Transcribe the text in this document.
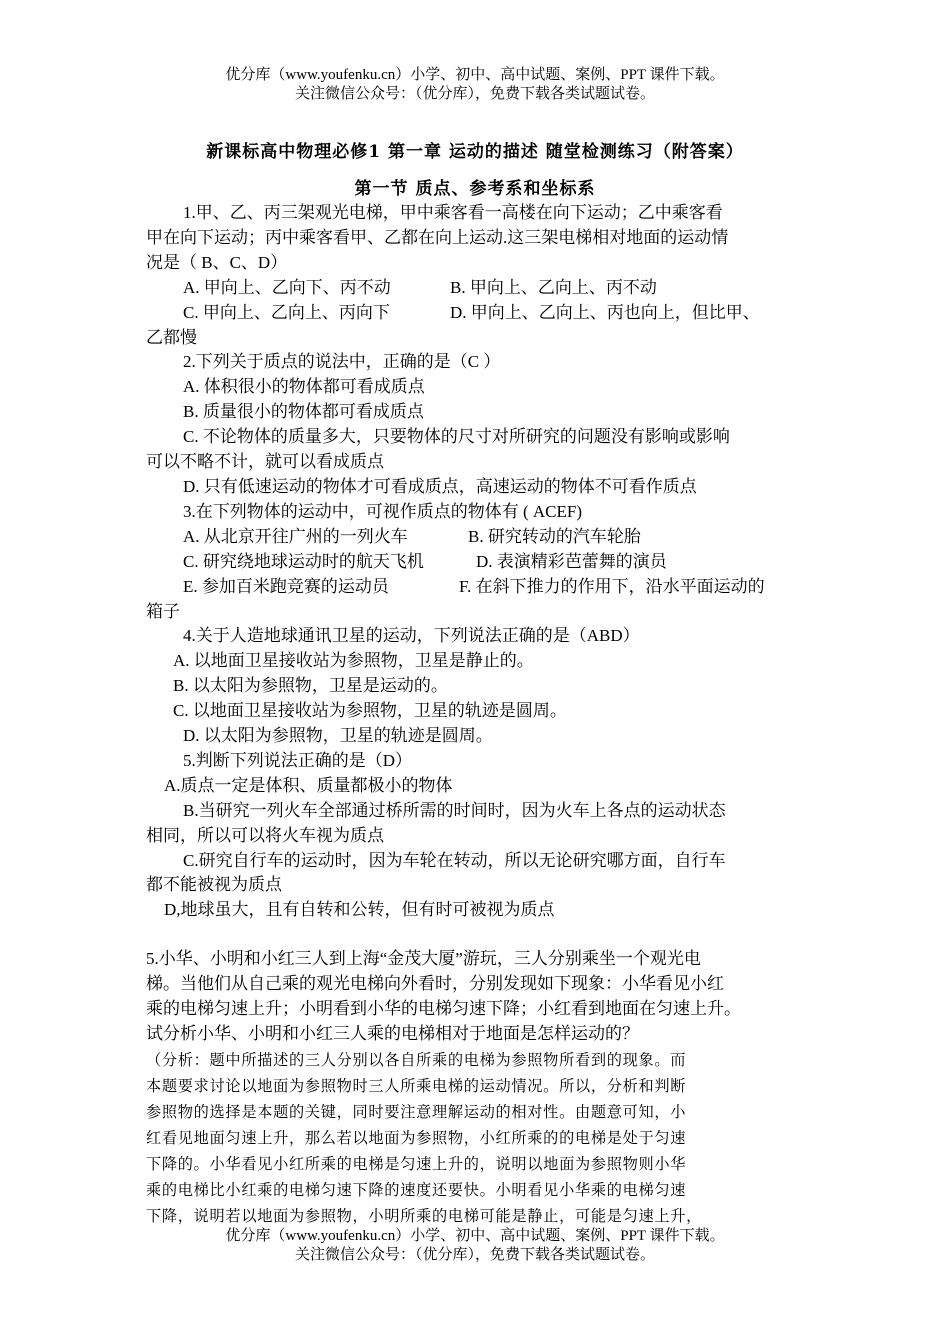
优分库（www.youfenku.cn）小学、初中、高中试题、案例、PPT 课件下载。
关注微信公众号：（优分库），免费下载各类试题试卷。
新课标高中物理必修1 第一章 运动的描述 随堂检测练习（附答案）
第一节 质点、参考系和坐标系

1.甲、乙、丙三架观光电梯，甲中乘客看一高楼在向下运动；乙中乘客看

甲在向下运动；丙中乘客看甲、乙都在向上运动.这三架电梯相对地面的运动情

况是（ B、C、D）

A. 甲向上、乙向下、丙不动	B. 甲向上、乙向上、丙不动

C. 甲向上、乙向上、丙向下	D. 甲向上、乙向上、丙也向上，但比甲、

乙都慢

2.下列关于质点的说法中，正确的是（C ）

A. 体积很小的物体都可看成质点

B. 质量很小的物体都可看成质点

C. 不论物体的质量多大，只要物体的尺寸对所研究的问题没有影响或影响

可以不略不计，就可以看成质点

D. 只有低速运动的物体才可看成质点，高速运动的物体不可看作质点

3.在下列物体的运动中，可视作质点的物体有 ( ACEF)

A. 从北京开往广州的一列火车	B. 研究转动的汽车轮胎

C. 研究绕地球运动时的航天飞机	D. 表演精彩芭蕾舞的演员

E. 参加百米跑竞赛的运动员	F. 在斜下推力的作用下，沿水平面运动的

箱子

4.关于人造地球通讯卫星的运动，下列说法正确的是（ABD）

A. 以地面卫星接收站为参照物，卫星是静止的。

B. 以太阳为参照物，卫星是运动的。

C. 以地面卫星接收站为参照物，卫星的轨迹是圆周。

D. 以太阳为参照物，卫星的轨迹是圆周。

5.判断下列说法正确的是（D）

A.质点一定是体积、质量都极小的物体

B.当研究一列火车全部通过桥所需的时间时，因为火车上各点的运动状态

相同，所以可以将火车视为质点

C.研究自行车的运动时，因为车轮在转动，所以无论研究哪方面，自行车

都不能被视为质点

D,地球虽大，且有自转和公转，但有时可被视为质点

5.小华、小明和小红三人到上海“金茂大厦”游玩，三人分别乘坐一个观光电

梯。当他们从自己乘的观光电梯向外看时，分别发现如下现象：小华看见小红

乘的电梯匀速上升；小明看到小华的电梯匀速下降；小红看到地面在匀速上升。

试分析小华、小明和小红三人乘的电梯相对于地面是怎样运动的？

（分析：题中所描述的三人分别以各自所乘的电梯为参照物所看到的现象。而

本题要求讨论以地面为参照物时三人所乘电梯的运动情况。所以，分析和判断

参照物的选择是本题的关键，同时要注意理解运动的相对性。由题意可知，小

红看见地面匀速上升，那么若以地面为参照物，小红所乘的的电梯是处于匀速

下降的。小华看见小红所乘的电梯是匀速上升的，说明以地面为参照物则小华

乘的电梯比小红乘的电梯匀速下降的速度还要快。小明看见小华乘的电梯匀速

下降，说明若以地面为参照物，小明所乘的电梯可能是静止，可能是匀速上升，

优分库（www.youfenku.cn）小学、初中、高中试题、案例、PPT 课件下载。
关注微信公众号：（优分库），免费下载各类试题试卷。
